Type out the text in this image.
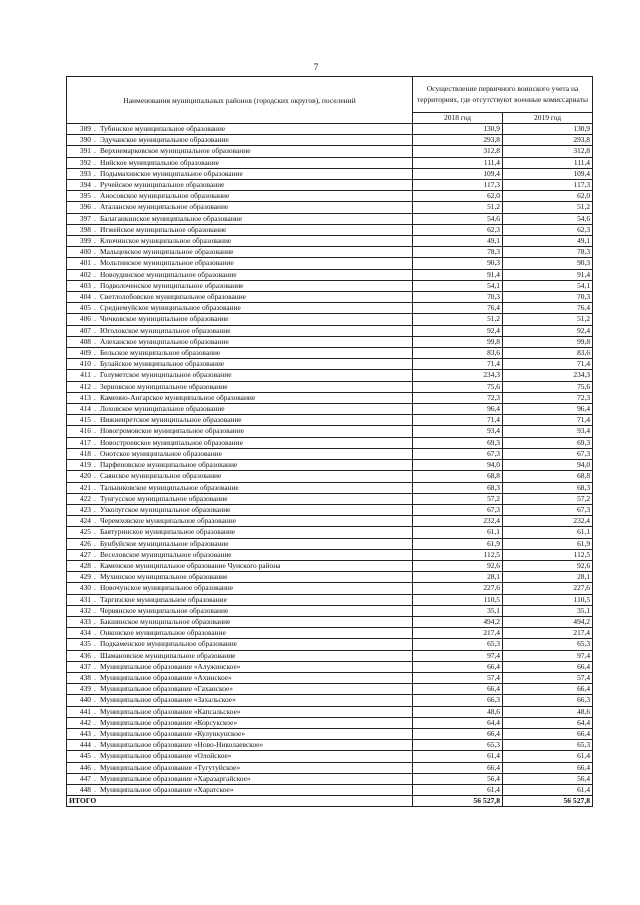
7
Наименования муниципальных районов (городских округов), поселений	Осуществление первичного воинского учета на территориях, где отсутствуют военные комиссариаты	
	2018 год	2019 год
389 . Тубинское муниципальное образование	130,9	130,9
390 . Эдучанское муниципальное образование	293,8	293,8
391 . Верхнемарковское муниципальное образование	312,8	312,8
392 . Нийское муниципальное образование	111,4	111,4
393 . Подымахинское муниципальное образование	109,4	109,4
394 . Ручейское муниципальное образование	117,3	117,3
395 . Аносовское муниципальное образование	62,0	62,0
396 . Аталанское муниципальное образование	51,2	51,2
397 . Балаганкинское муниципальное образование	54,6	54,6
398 . Игжейское муниципальное образование	62,3	62,3
399 . Ключинское муниципальное образование	49,1	49,1
400 . Мальцевское муниципальное образование	78,3	78,3
401 . Мольтинское муниципальное образование	90,3	90,3
402 . Новоудинское муниципальное образование	91,4	91,4
403 . Подволоченское муниципальное образование	54,1	54,1
404 . Светлолобовское муниципальное образование	70,3	70,3
405 . Среднемуйское муниципальное образование	76,4	76,4
406 . Чичковское муниципальное образование	51,2	51,2
407 . Юголокское муниципальное образование	92,4	92,4
408 . Алеханское муниципальное образование	99,8	99,8
409 . Бельское муниципальное образование	83,6	83,6
410 . Булайское муниципальное образование	71,4	71,4
411 . Голуметское муниципальное образование	234,3	234,3
412 . Зерновское муниципальное образование	75,6	75,6
413 . Каменно-Ангарское муниципальное образование	72,3	72,3
414 . Лоховское муниципальное образование	96,4	96,4
415 . Нижнеиретское муниципальное образование	71,4	71,4
416 . Новогромовское муниципальное образование	93,4	93,4
417 . Новостроевское муниципальное образование	69,3	69,3
418 . Онотское муниципальное образование	67,3	67,3
419 . Парфеновское муниципальное образование	94,0	94,0
420 . Саянское муниципальное образование	68,8	68,8
421 . Тальниковское муниципальное образование	68,3	68,3
422 . Тунгусское муниципальное образование	57,2	57,2
423 . Узколугское муниципальное образование	67,3	67,3
424 . Черемховское муниципальное образование	232,4	232,4
425 . Баятуринское муниципальное образование	61,1	61,1
426 . Бунбуйское муниципальное образование	61,9	61,9
427 . Веселовское муниципальное образование	112,5	112,5
428 . Каменское муниципальное образование Чунского района	92,6	92,6
429 . Мухинское муниципальное образование	28,1	28,1
430 . Новочунское муниципальное образование	227,6	227,6
431 . Таргизское муниципальное образование	110,5	110,5
432 . Червянское муниципальное образование	35,1	35,1
433 . Бакшинское муниципальное образование	494,2	494,2
434 . Онконское муниципальное образование	217,4	217,4
435 . Подкаменское муниципальное образование	65,3	65,3
436 . Шамановское муниципальное образование	97,4	97,4
437 . Муниципальное образование «Алужинское»	66,4	66,4
438 . Муниципальное образование «Ахинское»	57,4	57,4
439 . Муниципальное образование «Гаханское»	66,4	66,4
440 . Муниципальное образование «Захальское»	66,3	66,3
441 . Муниципальное образование «Капсальское»	48,6	48,6
442 . Муниципальное образование «Корсукское»	64,4	64,4
443 . Муниципальное образование «Кулункунское»	66,4	66,4
444 . Муниципальное образование «Ново-Николаевское»	65,3	65,3
445 . Муниципальное образование «Олойское»	61,4	61,4
446 . Муниципальное образование «Тугутуйское»	66,4	66,4
447 . Муниципальное образование «Харазаргайское»	56,4	56,4
448 . Муниципальное образование «Харатское»	61,4	61,4
ИТОГО	56 527,8	56 527,8
